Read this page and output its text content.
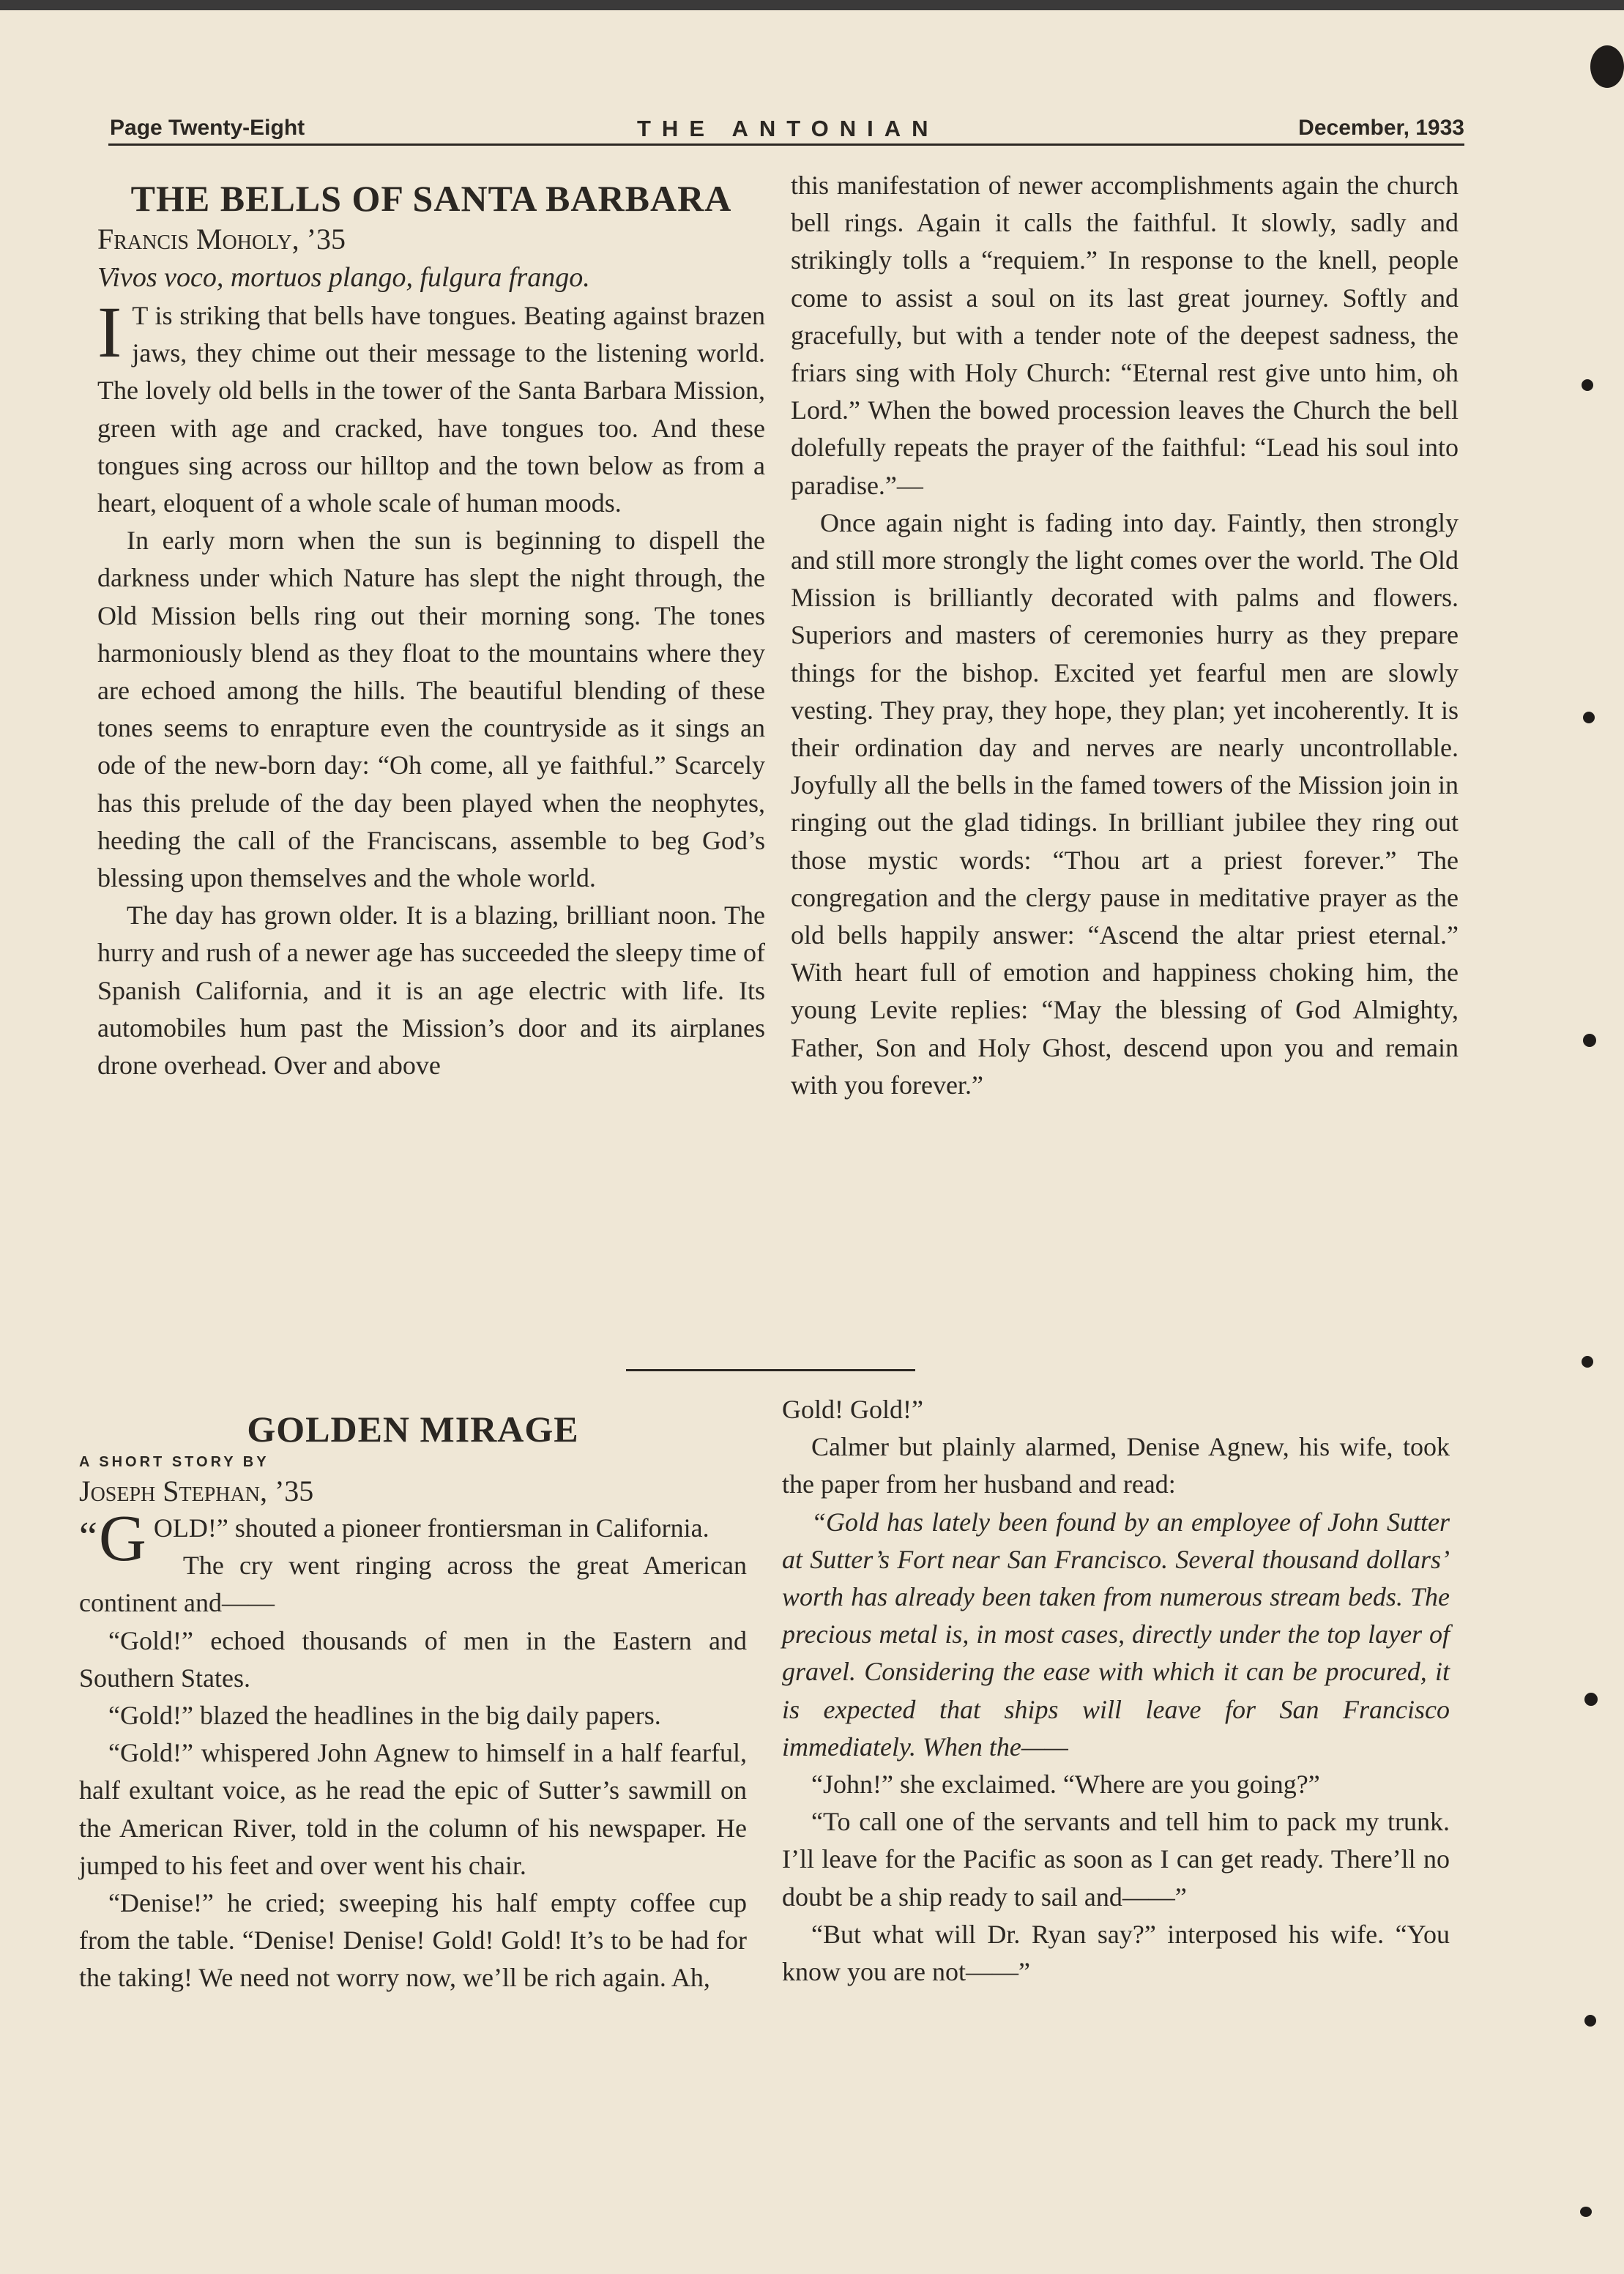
Page Twenty-Eight	THE ANTONIAN	December, 1933
THE BELLS OF SANTA BARBARA

Francis Moholy, ’35

Vivos voco, mortuos plango, fulgura frango.

I T is striking that bells have tongues. Beating against brazen jaws, they chime out their message to the listening world. The lovely old bells in the tower of the Santa Barbara Mission, green with age and cracked, have tongues too. And these tongues sing across our hilltop and the town below as from a heart, eloquent of a whole scale of human moods.

In early morn when the sun is beginning to dispell the darkness under which Nature has slept the night through, the Old Mission bells ring out their morning song. The tones harmoniously blend as they float to the mountains where they are echoed among the hills. The beautiful blending of these tones seems to enrapture even the countryside as it sings an ode of the new-born day: “Oh come, all ye faithful.” Scarcely has this prelude of the day been played when the neophytes, heeding the call of the Franciscans, assemble to beg God’s blessing upon themselves and the whole world.

The day has grown older. It is a blazing, brilliant noon. The hurry and rush of a newer age has succeeded the sleepy time of Spanish California, and it is an age electric with life. Its automobiles hum past the Mission’s door and its airplanes drone overhead. Over and above

this manifestation of newer accomplishments again the church bell rings. Again it calls the faithful. It slowly, sadly and strikingly tolls a “requiem.” In response to the knell, people come to assist a soul on its last great journey. Softly and gracefully, but with a tender note of the deepest sadness, the friars sing with Holy Church: “Eternal rest give unto him, oh Lord.” When the bowed procession leaves the Church the bell dolefully repeats the prayer of the faithful: “Lead his soul into paradise.”—

Once again night is fading into day. Faintly, then strongly and still more strongly the light comes over the world. The Old Mission is brilliantly decorated with palms and flowers. Superiors and masters of ceremonies hurry as they prepare things for the bishop. Excited yet fearful men are slowly vesting. They pray, they hope, they plan; yet incoherently. It is their ordination day and nerves are nearly uncontrollable. Joyfully all the bells in the famed towers of the Mission join in ringing out the glad tidings. In brilliant jubilee they ring out those mystic words: “Thou art a priest forever.” The congregation and the clergy pause in meditative prayer as the old bells happily answer: “Ascend the altar priest eternal.” With heart full of emotion and happiness choking him, the young Levite replies: “May the blessing of God Almighty, Father, Son and Holy Ghost, descend upon you and remain with you forever.”

GOLDEN MIRAGE

A SHORT STORY BY

Joseph Stephan, ’35

“ G OLD!” shouted a pioneer frontiersman in California.

The cry went ringing across the great American continent and——

“Gold!” echoed thousands of men in the Eastern and Southern States.

“Gold!” blazed the headlines in the big daily papers.

“Gold!” whispered John Agnew to himself in a half fearful, half exultant voice, as he read the epic of Sutter’s sawmill on the American River, told in the column of his newspaper. He jumped to his feet and over went his chair.

“Denise!” he cried; sweeping his half empty coffee cup from the table. “Denise! Denise! Gold! Gold! It’s to be had for the taking! We need not worry now, we’ll be rich again. Ah,

Gold! Gold!”

Calmer but plainly alarmed, Denise Agnew, his wife, took the paper from her husband and read:

“Gold has lately been found by an employee of John Sutter at Sutter’s Fort near San Francisco. Several thousand dollars’ worth has already been taken from numerous stream beds. The precious metal is, in most cases, directly under the top layer of gravel. Considering the ease with which it can be procured, it is expected that ships will leave for San Francisco immediately. When the——

“John!” she exclaimed. “Where are you going?”

“To call one of the servants and tell him to pack my trunk. I’ll leave for the Pacific as soon as I can get ready. There’ll no doubt be a ship ready to sail and——”

“But what will Dr. Ryan say?” interposed his wife. “You know you are not——”
